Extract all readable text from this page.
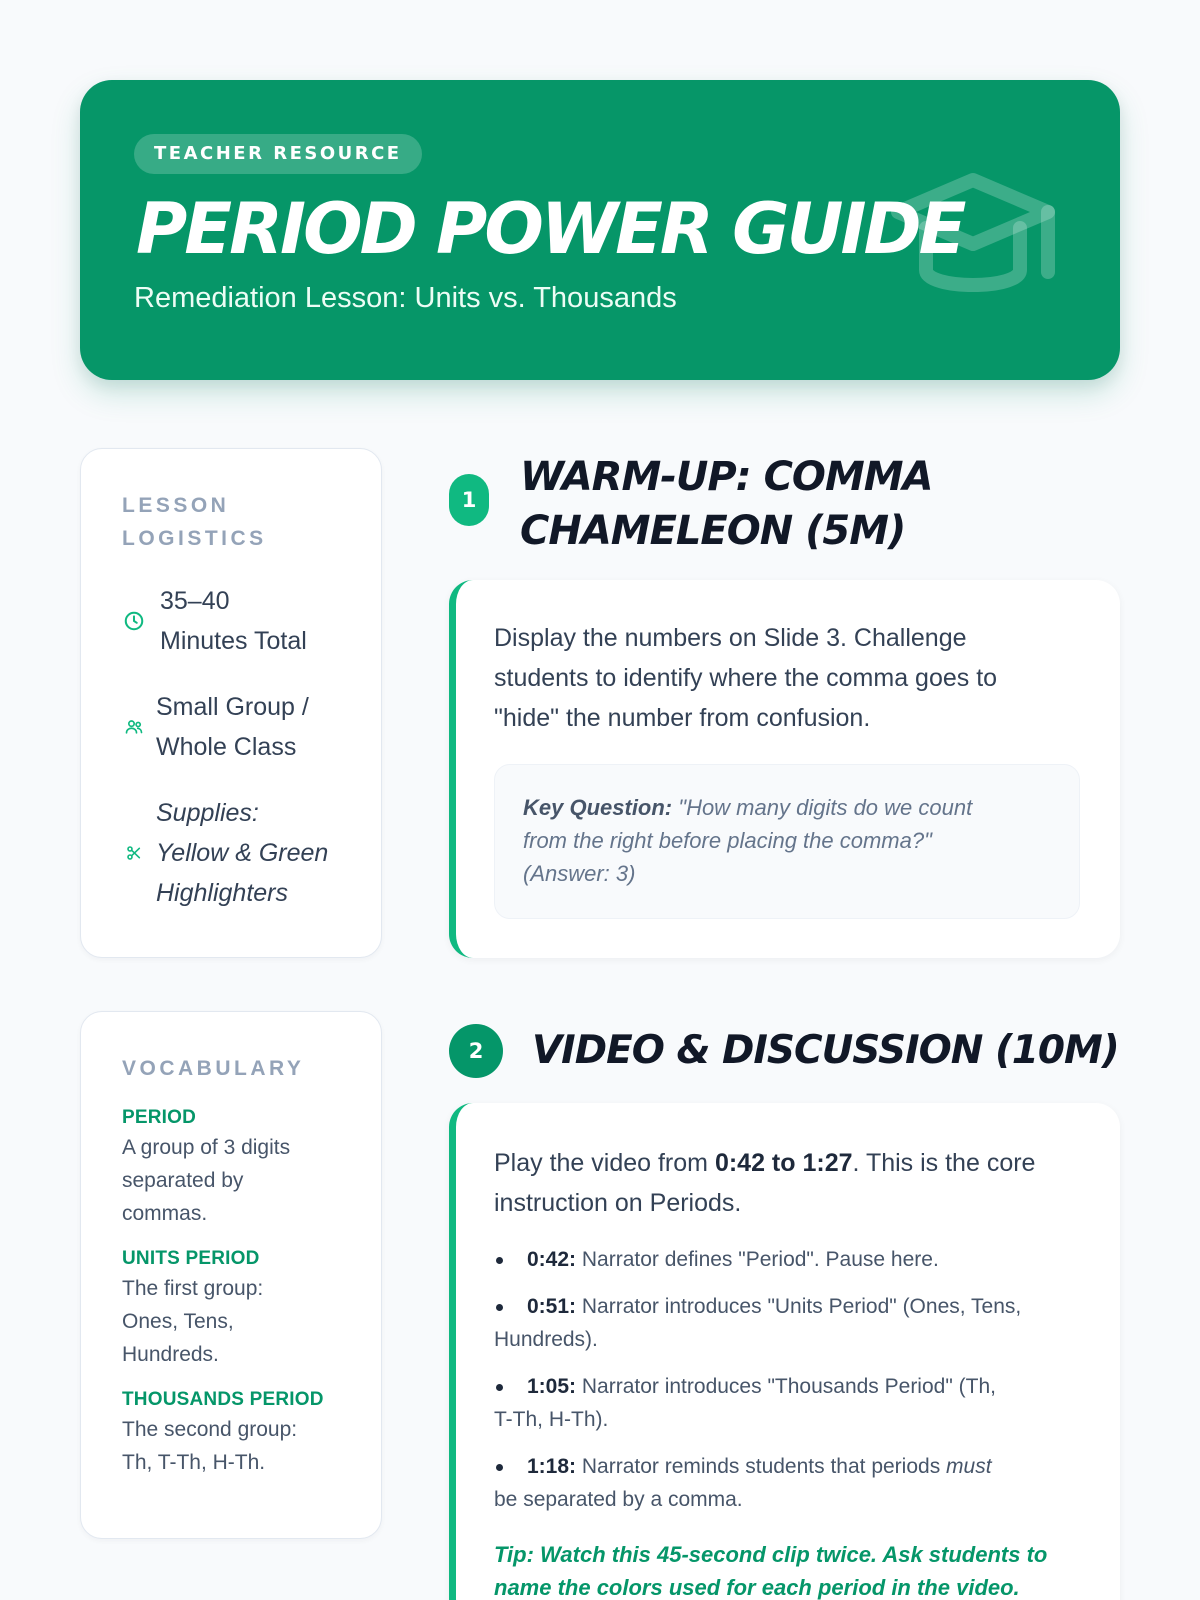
TEACHER RESOURCE
PERIOD POWER GUIDE
Remediation Lesson: Units vs. Thousands
LESSON
LOGISTICS
35–40
Minutes Total
Small Group /
Whole Class
Supplies:
Yellow & Green
Highlighters
VOCABULARY
PERIOD
A group of 3 digits
separated by
commas.
UNITS PERIOD
The first group:
Ones, Tens,
Hundreds.
THOUSANDS PERIOD
The second group:
Th, T-Th, H-Th.
1	WARM-UP: COMMA
CHAMELEON (5M)
Display the numbers on Slide 3. Challenge
students to identify where the comma goes to
"hide" the number from confusion.
Key Question: "How many digits do we count
from the right before placing the comma?"
(Answer: 3)
2	VIDEO & DISCUSSION (10M)
Play the video from 0:42 to 1:27. This is the core
instruction on Periods.
0:42: Narrator defines "Period". Pause here.
0:51: Narrator introduces "Units Period" (Ones, Tens,
Hundreds).
1:05: Narrator introduces "Thousands Period" (Th,
T-Th, H-Th).
1:18: Narrator reminds students that periods must
be separated by a comma.
Tip: Watch this 45-second clip twice. Ask students to
name the colors used for each period in the video.
